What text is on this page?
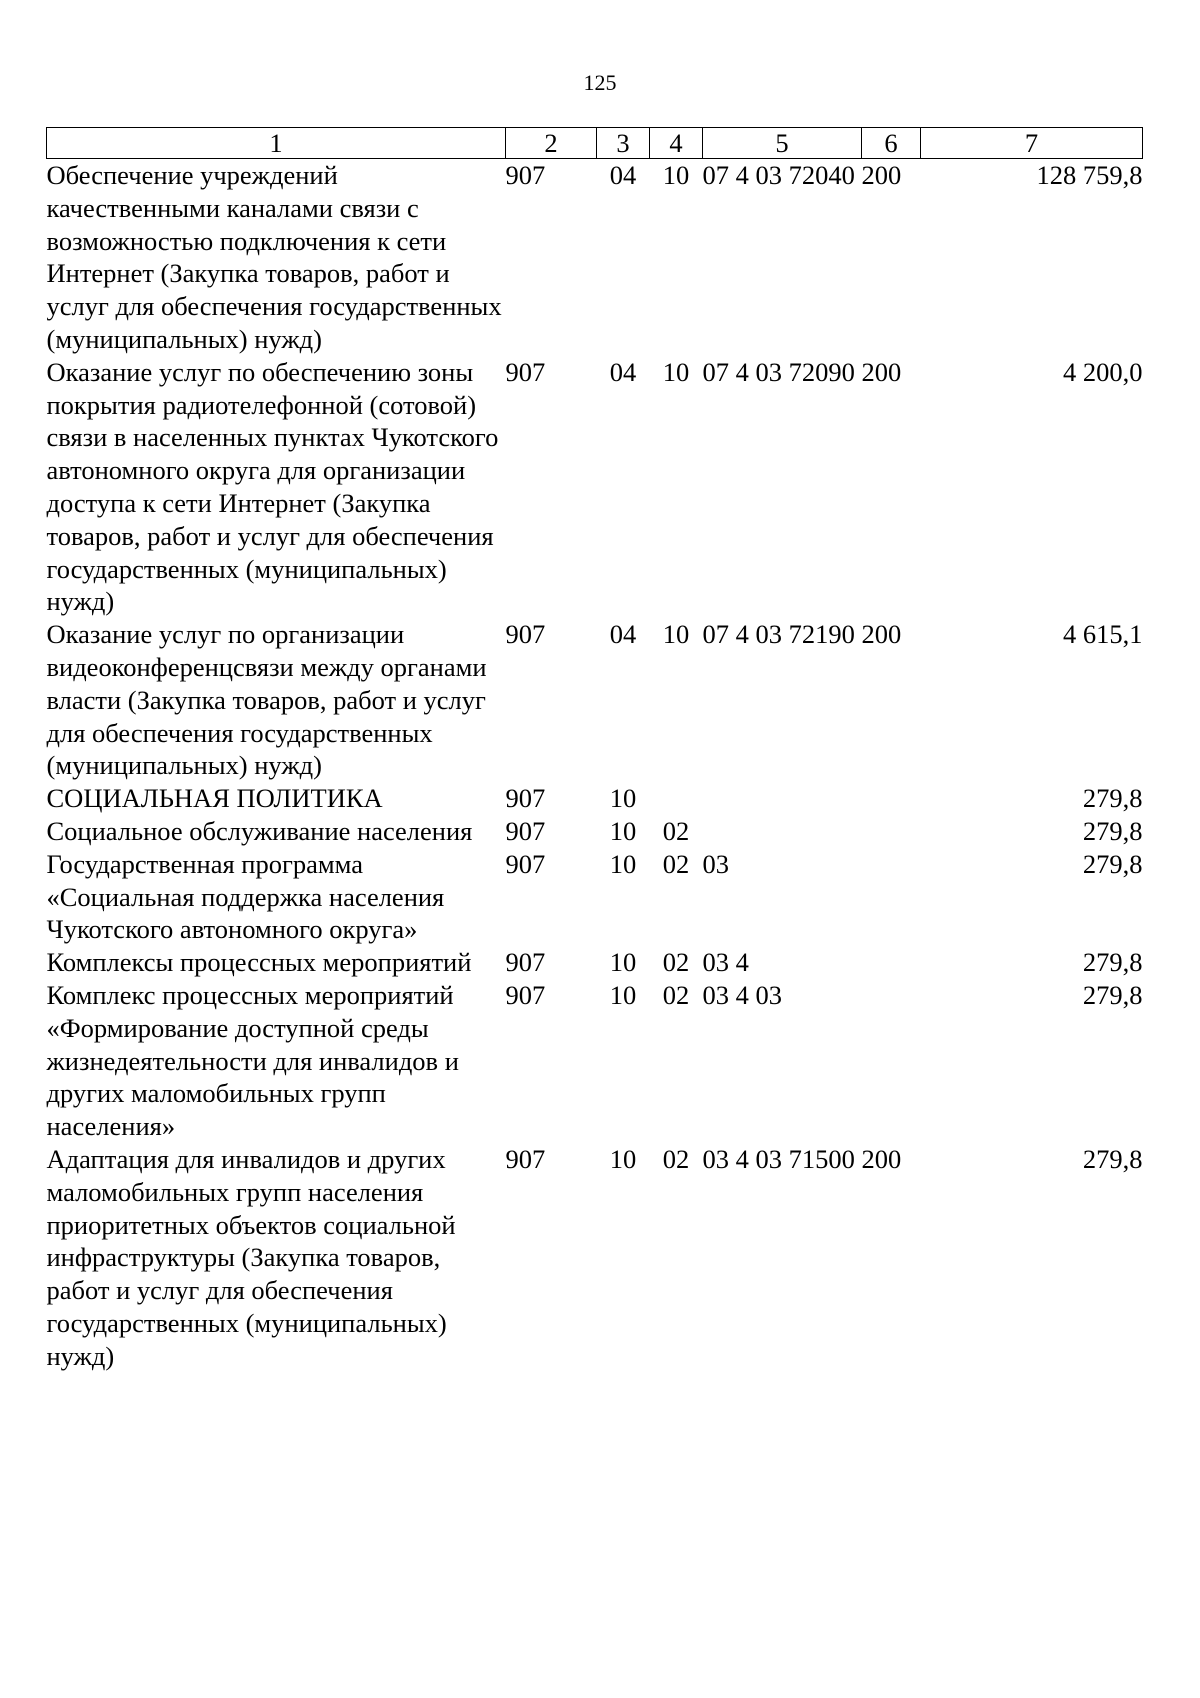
125
1	2	3	4	5	6	7
Обеспечение учреждений качественными каналами связи с возможностью подключения к сети Интернет (Закупка товаров, работ и услуг для обеспечения государственных (муниципальных) нужд)	907	04	10	07 4 03 72040	200	128 759,8
Оказание услуг по обеспечению зоны покрытия радиотелефонной (сотовой) связи в населенных пунктах Чукотского автономного округа для организации доступа к сети Интернет (Закупка товаров, работ и услуг для обеспечения государственных (муниципальных) нужд)	907	04	10	07 4 03 72090	200	4 200,0
Оказание услуг по организации видеоконференцсвязи между органами власти (Закупка товаров, работ и услуг для обеспечения государственных (муниципальных) нужд)	907	04	10	07 4 03 72190	200	4 615,1
СОЦИАЛЬНАЯ ПОЛИТИКА	907	10				279,8
Социальное обслуживание населения	907	10	02			279,8
Государственная программа «Социальная поддержка населения Чукотского автономного округа»	907	10	02	03		279,8
Комплексы процессных мероприятий	907	10	02	03 4		279,8
Комплекс процессных мероприятий «Формирование доступной среды жизнедеятельности для инвалидов и других маломобильных групп населения»	907	10	02	03 4 03		279,8
Адаптация для инвалидов и других маломобильных групп населения приоритетных объектов социальной инфраструктуры (Закупка товаров, работ и услуг для обеспечения государственных (муниципальных) нужд)	907	10	02	03 4 03 71500	200	279,8
